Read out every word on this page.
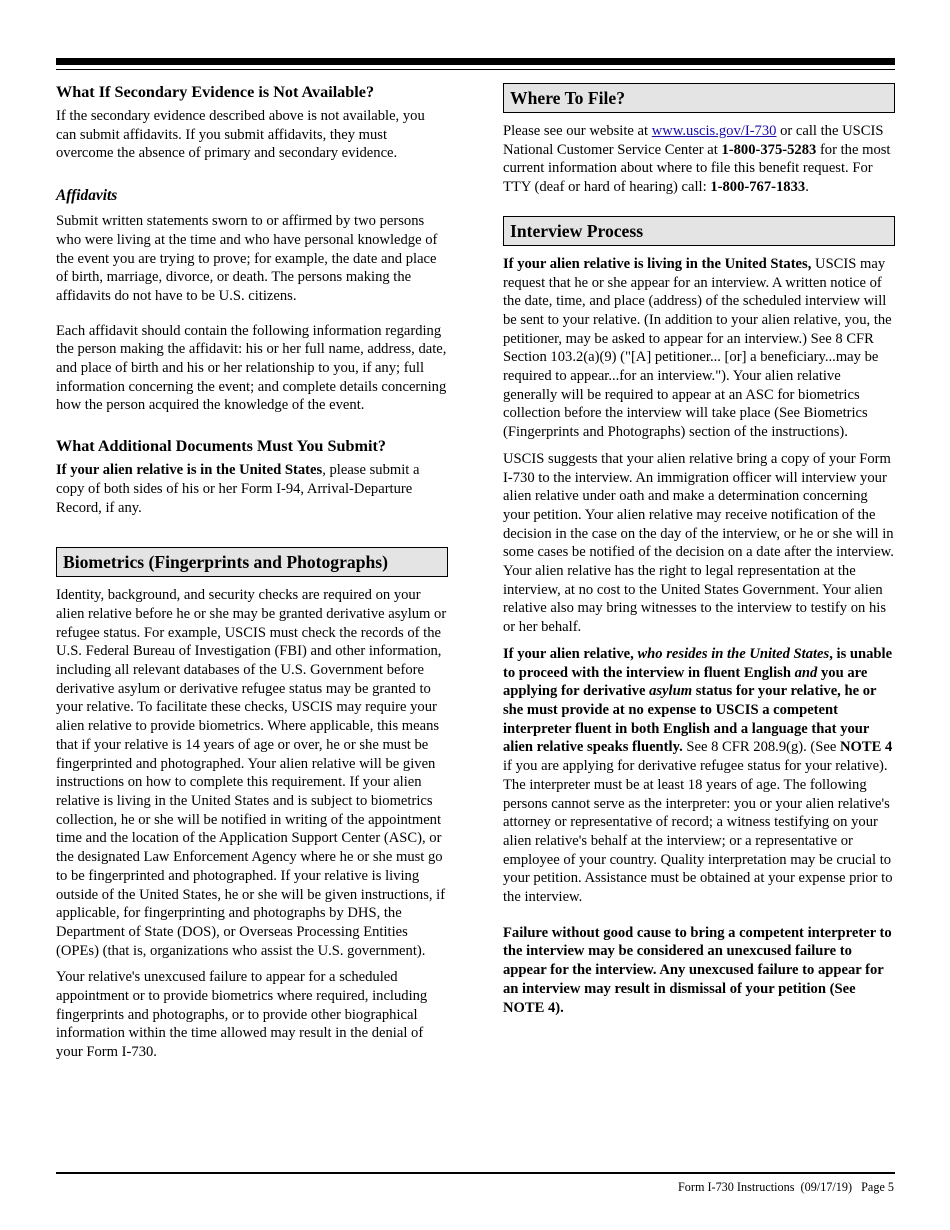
What If Secondary Evidence is Not Available?

If the secondary evidence described above is not available, you can submit affidavits. If you submit affidavits, they must overcome the absence of primary and secondary evidence.

Affidavits

Submit written statements sworn to or affirmed by two persons who were living at the time and who have personal knowledge of the event you are trying to prove; for example, the date and place of birth, marriage, divorce, or death. The persons making the affidavits do not have to be U.S. citizens.

Each affidavit should contain the following information regarding the person making the affidavit: his or her full name, address, date, and place of birth and his or her relationship to you, if any; full information concerning the event; and complete details concerning how the person acquired the knowledge of the event.

What Additional Documents Must You Submit?

If your alien relative is in the United States, please submit a copy of both sides of his or her Form I-94, Arrival-Departure Record, if any.

Biometrics (Fingerprints and Photographs)

Identity, background, and security checks are required on your alien relative before he or she may be granted derivative asylum or refugee status. For example, USCIS must check the records of the U.S. Federal Bureau of Investigation (FBI) and other information, including all relevant databases of the U.S. Government before derivative asylum or derivative refugee status may be granted to your relative. To facilitate these checks, USCIS may require your alien relative to provide biometrics. Where applicable, this means that if your relative is 14 years of age or over, he or she must be fingerprinted and photographed. Your alien relative will be given instructions on how to complete this requirement. If your alien relative is living in the United States and is subject to biometrics collection, he or she will be notified in writing of the appointment time and the location of the Application Support Center (ASC), or the designated Law Enforcement Agency where he or she must go to be fingerprinted and photographed. If your relative is living outside of the United States, he or she will be given instructions, if applicable, for fingerprinting and photographs by DHS, the Department of State (DOS), or Overseas Processing Entities (OPEs) (that is, organizations who assist the U.S. government).

Your relative's unexcused failure to appear for a scheduled appointment or to provide biometrics where required, including fingerprints and photographs, or to provide other biographical information within the time allowed may result in the denial of your Form I-730.

Where To File?

Please see our website at www.uscis.gov/I-730 or call the USCIS National Customer Service Center at 1-800-375-5283 for the most current information about where to file this benefit request. For TTY (deaf or hard of hearing) call: 1-800-767-1833.

Interview Process

If your alien relative is living in the United States, USCIS may request that he or she appear for an interview. A written notice of the date, time, and place (address) of the scheduled interview will be sent to your relative. (In addition to your alien relative, you, the petitioner, may be asked to appear for an interview.) See 8 CFR Section 103.2(a)(9) ("[A] petitioner... [or] a beneficiary...may be required to appear...for an interview."). Your alien relative generally will be required to appear at an ASC for biometrics collection before the interview will take place (See Biometrics (Fingerprints and Photographs) section of the instructions).

USCIS suggests that your alien relative bring a copy of your Form I-730 to the interview. An immigration officer will interview your alien relative under oath and make a determination concerning your petition. Your alien relative may receive notification of the decision in the case on the day of the interview, or he or she will in some cases be notified of the decision on a date after the interview. Your alien relative has the right to legal representation at the interview, at no cost to the United States Government. Your alien relative also may bring witnesses to the interview to testify on his or her behalf.

If your alien relative, who resides in the United States, is unable to proceed with the interview in fluent English and you are applying for derivative asylum status for your relative, he or she must provide at no expense to USCIS a competent interpreter fluent in both English and a language that your alien relative speaks fluently. See 8 CFR 208.9(g). (See NOTE 4 if you are applying for derivative refugee status for your relative). The interpreter must be at least 18 years of age. The following persons cannot serve as the interpreter: you or your alien relative's attorney or representative of record; a witness testifying on your alien relative's behalf at the interview; or a representative or employee of your country. Quality interpretation may be crucial to your petition. Assistance must be obtained at your expense prior to the interview.

Failure without good cause to bring a competent interpreter to the interview may be considered an unexcused failure to appear for the interview. Any unexcused failure to appear for an interview may result in dismissal of your petition (See NOTE 4).

Form I-730 Instructions  (09/17/19) Page 5
